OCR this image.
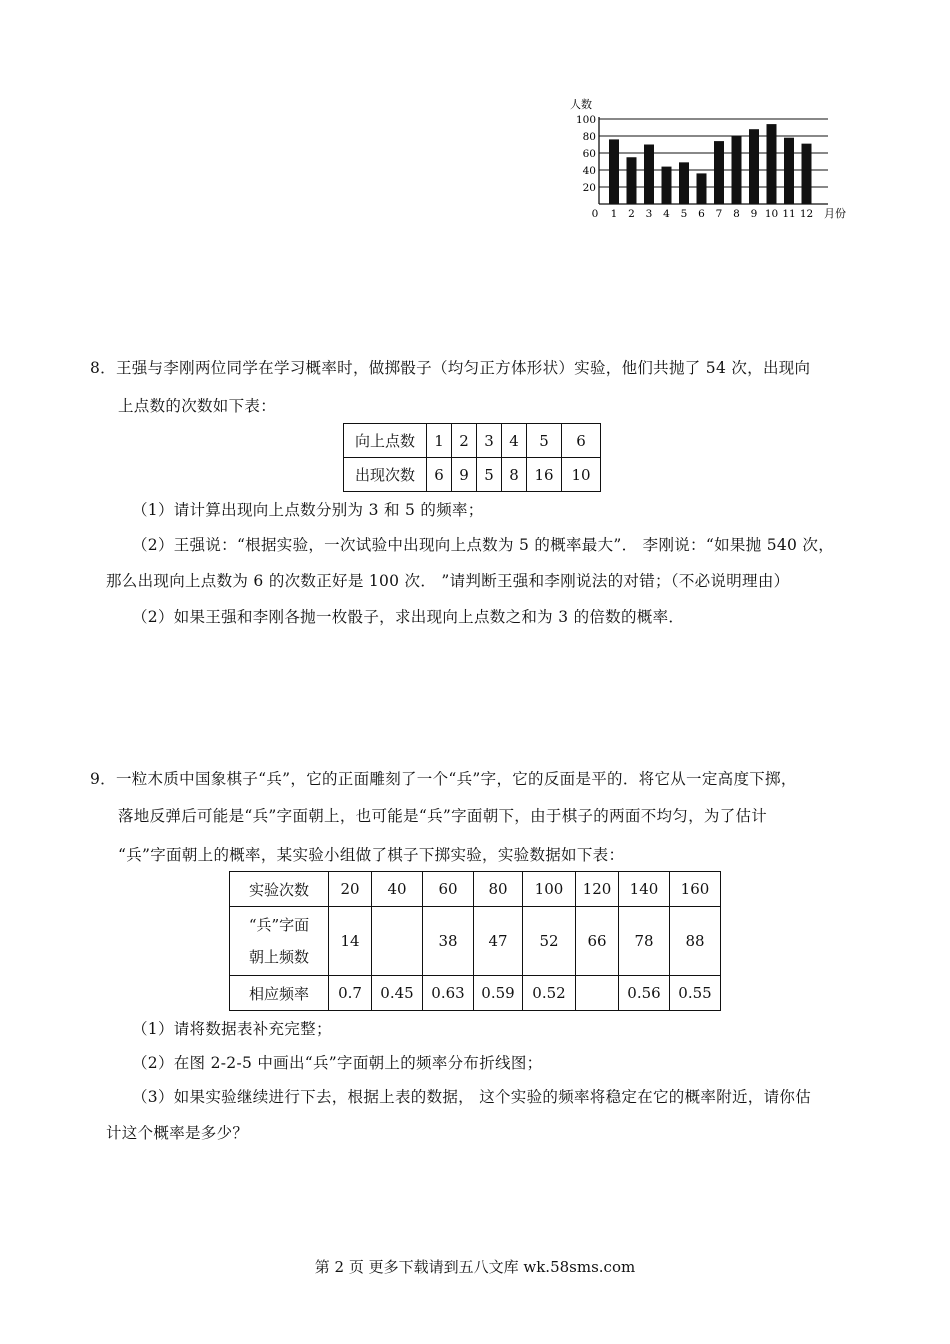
人数
20
40
60
80
100
0 1 2 3 4 5 6 7 8 9 10 11 12 月份
8．王强与李刚两位同学在学习概率时，做掷骰子（均匀正方体形状）实验，他们共抛了 54 次，出现向
上点数的次数如下表：
向上点数	1	2	3	4	5	6
出现次数	6	9	5	8	16	10
（1）请计算出现向上点数分别为 3 和 5 的频率；
（2）王强说：“根据实验，一次试验中出现向上点数为 5 的概率最大”． 李刚说：“如果抛 540 次，
那么出现向上点数为 6 的次数正好是 100 次． ”请判断王强和李刚说法的对错；（不必说明理由）
（2）如果王强和李刚各抛一枚骰子，求出现向上点数之和为 3 的倍数的概率．
9．一粒木质中国象棋子“兵”，它的正面雕刻了一个“兵”字，它的反面是平的．将它从一定高度下掷，
落地反弹后可能是“兵”字面朝上，也可能是“兵”字面朝下，由于棋子的两面不均匀，为了估计
“兵”字面朝上的概率，某实验小组做了棋子下掷实验，实验数据如下表：
实验次数	20	40	60	80	100	120	140	160

“兵”字面
朝上频数	14		38	47	52	66	78	88
相应频率	0.7	0.45	0.63	0.59	0.52		0.56	0.55
（1）请将数据表补充完整；
（2）在图 2-2-5 中画出“兵”字面朝上的频率分布折线图；
（3）如果实验继续进行下去，根据上表的数据， 这个实验的频率将稳定在它的概率附近，请你估
计这个概率是多少？
第 2 页 更多下载请到五八文库 wk.58sms.com
